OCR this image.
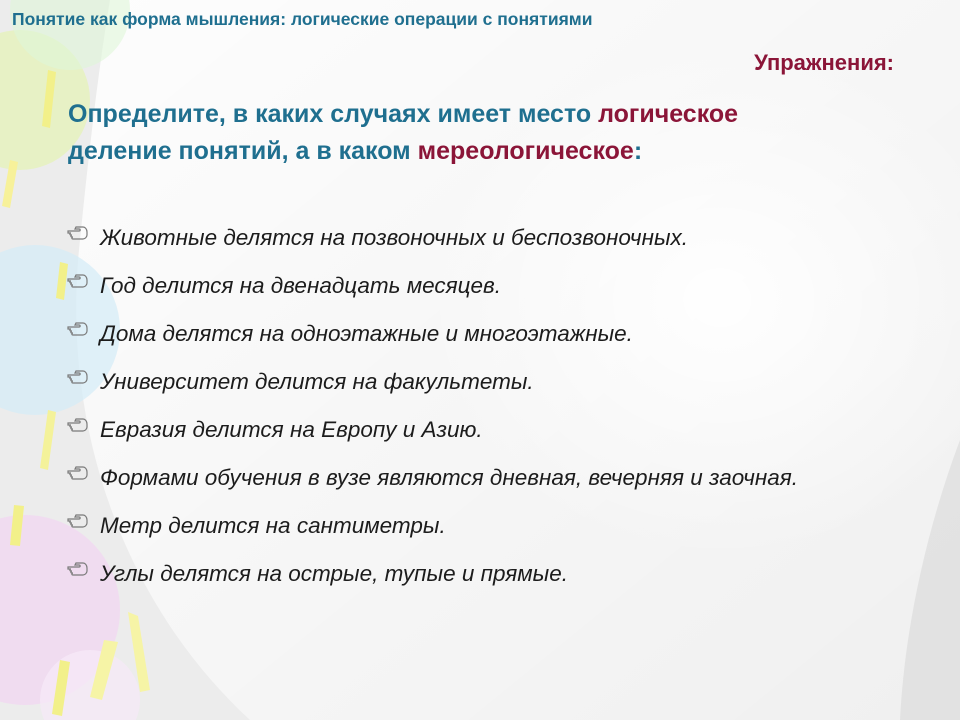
Понятие как форма мышления: логические операции с понятиями
Упражнения:
Определите, в каких случаях имеет место логическое деление понятий, а в каком мереологическое:
Животные делятся на позвоночных и беспозвоночных.
Год делится на двенадцать месяцев.
Дома делятся на одноэтажные и многоэтажные.
Университет делится на факультеты.
Евразия делится на Европу и Азию.
Формами обучения в вузе являются дневная, вечерняя и заочная.
Метр делится на сантиметры.
Углы делятся на острые, тупые и прямые.
